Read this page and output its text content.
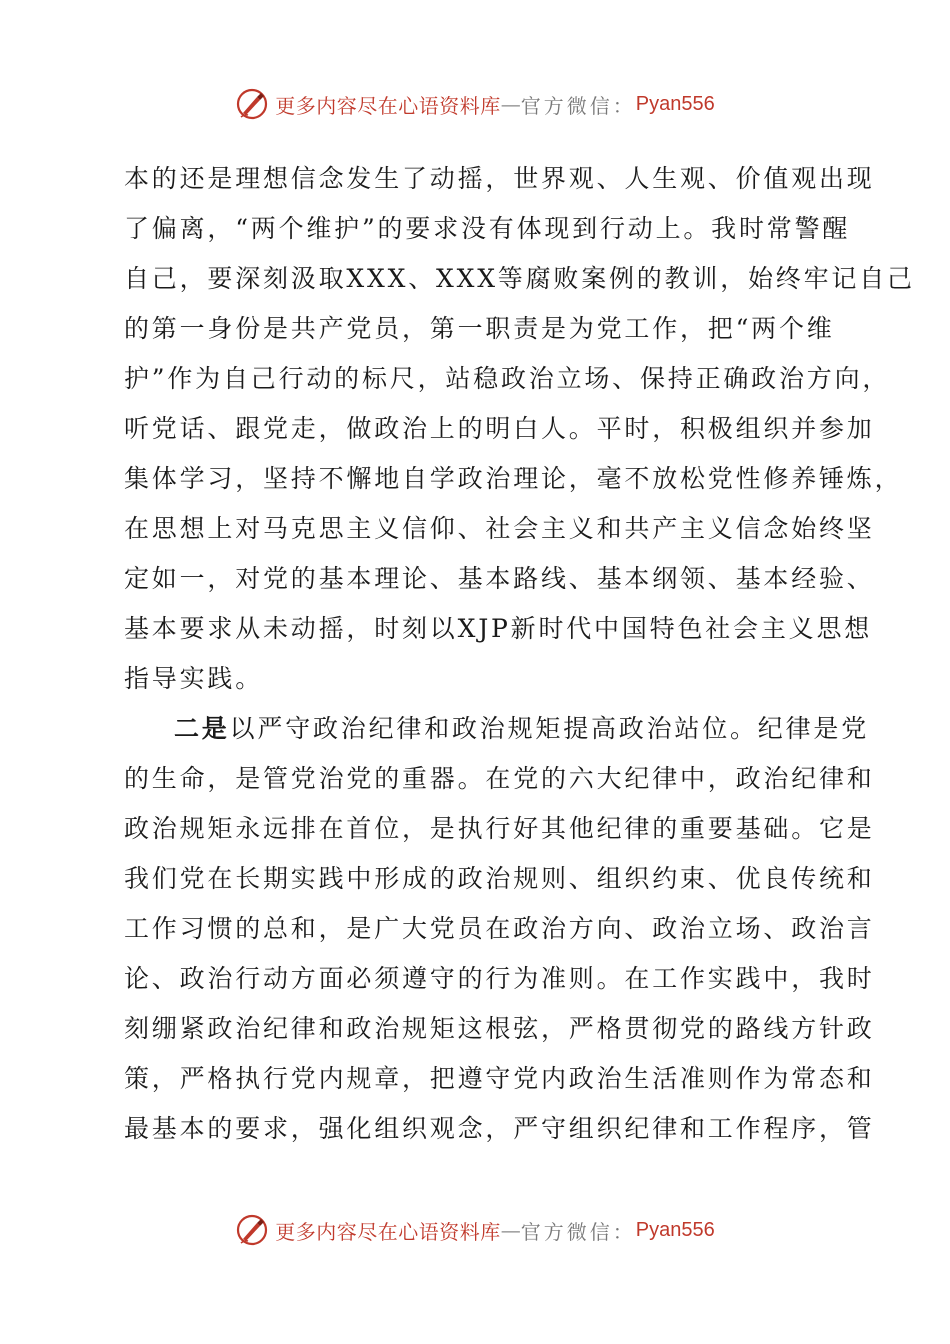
更多内容尽在心语资料库 — 官方微信： Pyan556
本的还是理想信念发生了动摇，世界观、人生观、价值观出现
了偏离，“两个维护”的要求没有体现到行动上。我时常警醒
自己，要深刻汲取XXX、XXX等腐败案例的教训，始终牢记自己
的第一身份是共产党员，第一职责是为党工作，把“两个维
护”作为自己行动的标尺，站稳政治立场、保持正确政治方向，
听党话、跟党走，做政治上的明白人。平时，积极组织并参加
集体学习，坚持不懈地自学政治理论，毫不放松党性修养锤炼，
在思想上对马克思主义信仰、社会主义和共产主义信念始终坚
定如一，对党的基本理论、基本路线、基本纲领、基本经验、
基本要求从未动摇，时刻以XJP新时代中国特色社会主义思想
指导实践。
二是以严守政治纪律和政治规矩提高政治站位。纪律是党
的生命，是管党治党的重器。在党的六大纪律中，政治纪律和
政治规矩永远排在首位，是执行好其他纪律的重要基础。它是
我们党在长期实践中形成的政治规则、组织约束、优良传统和
工作习惯的总和，是广大党员在政治方向、政治立场、政治言
论、政治行动方面必须遵守的行为准则。在工作实践中，我时
刻绷紧政治纪律和政治规矩这根弦，严格贯彻党的路线方针政
策，严格执行党内规章，把遵守党内政治生活准则作为常态和
最基本的要求，强化组织观念，严守组织纪律和工作程序，管
更多内容尽在心语资料库 — 官方微信： Pyan556
